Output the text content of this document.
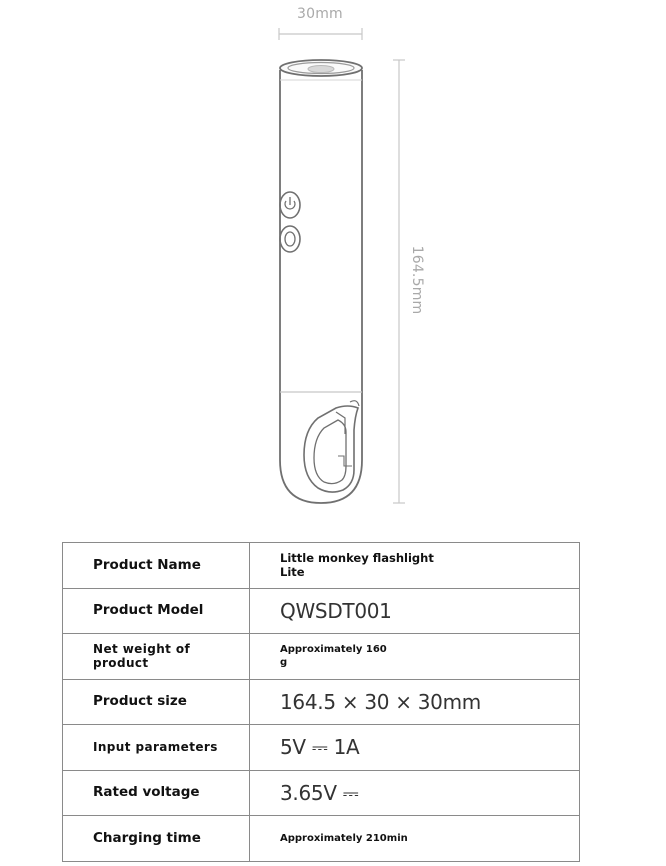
30mm
164.5mm
Product Name	Little monkey flashlight Lite

Product Model	QWSDT001
Net weight of product	Approximately 160 g

Product size	164.5 × 30 × 30mm
Input parameters	5V ⎓ 1A
Rated voltage	3.65V ⎓
Charging time	Approximately 210min
